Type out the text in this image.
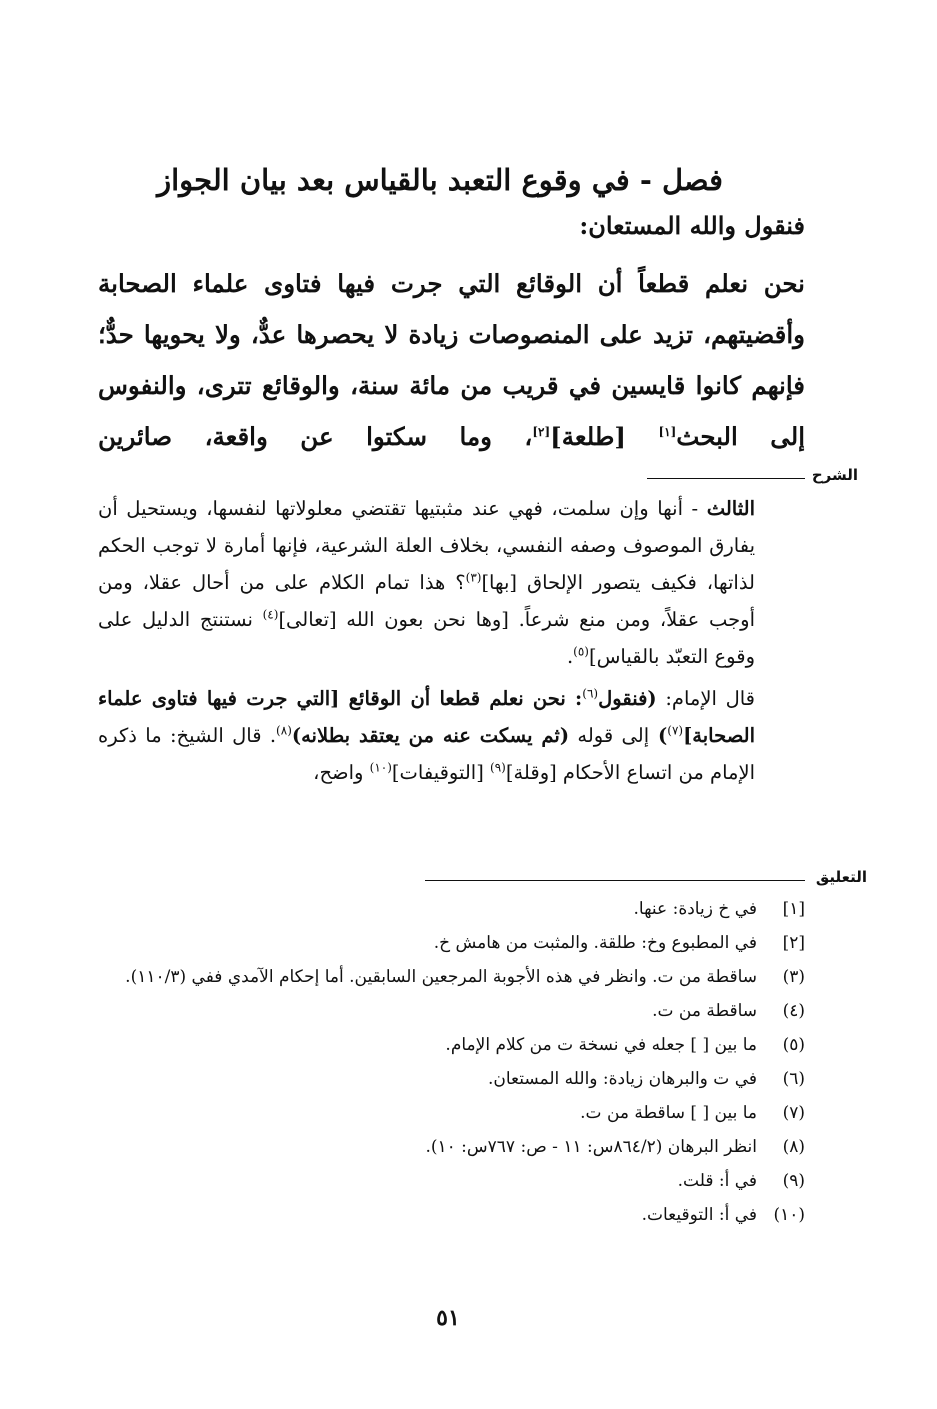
فصل - في وقوع التعبد بالقياس بعد بيان الجواز
فنقول والله المستعان:
نحن نعلم قطعاً أن الوقائع التي جرت فيها فتاوى علماء الصحابة وأقضيتهم، تزيد على المنصوصات زيادة لا يحصرها عدٌّ، ولا يحويها حدٌّ؛ فإنهم كانوا قايسين في قريب من مائة سنة، والوقائع تترى، والنفوس إلى البحث[١] [طلعة][٢]، وما سكتوا عن واقعة، صائرين
الشرح

الثالث - أنها وإن سلمت، فهي عند مثبتيها تقتضي معلولاتها لنفسها، ويستحيل أن يفارق الموصوف وصفه النفسي، بخلاف العلة الشرعية، فإنها أمارة لا توجب الحكم لذاتها، فكيف يتصور الإلحاق [بها]$^{(٣)}$؟ هذا تمام الكلام على من أحال عقلا، ومن أوجب عقلاً، ومن منع شرعاً. [وها نحن بعون الله [تعالى]$^{(٤)}$ نستنتج الدليل على وقوع التعبّد بالقياس]$^{(٥)}$.

قال الإمام: (فنقول$^{(٦)}$: نحن نعلم قطعا أن الوقائع [التي جرت فيها فتاوى علماء الصحابة]$^{(٧)}$) إلى قوله (ثم يسكت عنه من يعتقد بطلانه)$^{(٨)}$. قال الشيخ: ما ذكره الإمام من اتساع الأحكام [وقلة]$^{(٩)}$ [التوقيفات]$^{(١٠)}$ واضح،

التعليق
[١]
في خ زيادة: عنها.
[٢]
في المطبوع وخ: طلقة. والمثبت من هامش خ.
(٣)
ساقطة من ت. وانظر في هذه الأجوبة المرجعين السابقين. أما إحكام الآمدي ففي (١١٠/٣).
(٤)
ساقطة من ت.
(٥)
ما بين [ ] جعله في نسخة ت من كلام الإمام.
(٦)
في ت والبرهان زيادة: والله المستعان.
(٧)
ما بين [ ] ساقطة من ت.
(٨)
انظر البرهان (٨٦٤/٢س: ١١ - ص: ٧٦٧س: ١٠).
(٩)
في أ: قلت.
(١٠)
في أ: التوقيعات.
٥١
